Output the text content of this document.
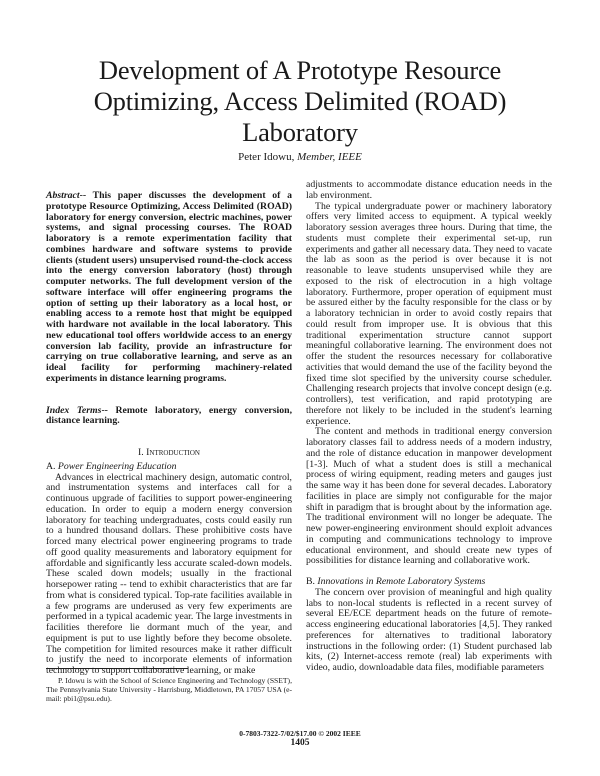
Development of A Prototype Resource
Optimizing, Access Delimited (ROAD)
Laboratory
Peter Idowu, Member, IEEE

Abstract-- This paper discusses the development of a prototype Resource Optimizing, Access Delimited (ROAD) laboratory for energy conversion, electric machines, power systems, and signal processing courses. The ROAD laboratory is a remote experimentation facility that combines hardware and software systems to provide clients (student users) unsupervised round-the-clock access into the energy conversion laboratory (host) through computer networks. The full development version of the software interface will offer engineering programs the option of setting up their laboratory as a local host, or enabling access to a remote host that might be equipped with hardware not available in the local laboratory. This new educational tool offers worldwide access to an energy conversion lab facility, provide an infrastructure for carrying on true collaborative learning, and serve as an ideal facility for performing machinery-related experiments in distance learning programs.

Index Terms-- Remote laboratory, energy conversion, distance learning.

I. Introduction

A. Power Engineering Education

Advances in electrical machinery design, automatic control, and instrumentation systems and interfaces call for a continuous upgrade of facilities to support power-engineering education. In order to equip a modern energy conversion laboratory for teaching undergraduates, costs could easily run to a hundred thousand dollars. These prohibitive costs have forced many electrical power engineering programs to trade off good quality measurements and laboratory equipment for affordable and significantly less accurate scaled-down models. These scaled down models; usually in the fractional horsepower rating -- tend to exhibit characteristics that are far from what is considered typical. Top-rate facilities available in a few programs are underused as very few experiments are performed in a typical academic year. The large investments in facilities therefore lie dormant much of the year, and equipment is put to use lightly before they become obsolete. The competition for limited resources make it rather difficult to justify the need to incorporate elements of information technology to support collaborative learning, or make

adjustments to accommodate distance education needs in the lab environment.

The typical undergraduate power or machinery laboratory offers very limited access to equipment. A typical weekly laboratory session averages three hours. During that time, the students must complete their experimental set-up, run experiments and gather all necessary data. They need to vacate the lab as soon as the period is over because it is not reasonable to leave students unsupervised while they are exposed to the risk of electrocution in a high voltage laboratory. Furthermore, proper operation of equipment must be assured either by the faculty responsible for the class or by a laboratory technician in order to avoid costly repairs that could result from improper use. It is obvious that this traditional experimentation structure cannot support meaningful collaborative learning. The environment does not offer the student the resources necessary for collaborative activities that would demand the use of the facility beyond the fixed time slot specified by the university course scheduler. Challenging research projects that involve concept design (e.g. controllers), test verification, and rapid prototyping are therefore not likely to be included in the student's learning experience.

The content and methods in traditional energy conversion laboratory classes fail to address needs of a modern industry, and the role of distance education in manpower development [1-3]. Much of what a student does is still a mechanical process of wiring equipment, reading meters and gauges just the same way it has been done for several decades. Laboratory facilities in place are simply not configurable for the major shift in paradigm that is brought about by the information age. The traditional environment will no longer be adequate. The new power-engineering environment should exploit advances in computing and communications technology to improve educational environment, and should create new types of possibilities for distance learning and collaborative work.

B. Innovations in Remote Laboratory Systems

The concern over provision of meaningful and high quality labs to non-local students is reflected in a recent survey of several EE/ECE department heads on the future of remote-access engineering educational laboratories [4,5]. They ranked preferences for alternatives to traditional laboratory instructions in the following order: (1) Student purchased lab kits, (2) Internet-access remote (real) lab experiments with video, audio, downloadable data files, modifiable parameters

P. Idowu is with the School of Science Engineering and Technology (SSET), The Pennsylvania State University - Harrisburg, Middletown, PA 17057 USA (e-mail: pbi1@psu.edu).
0-7803-7322-7/02/$17.00 © 2002 IEEE
1405
